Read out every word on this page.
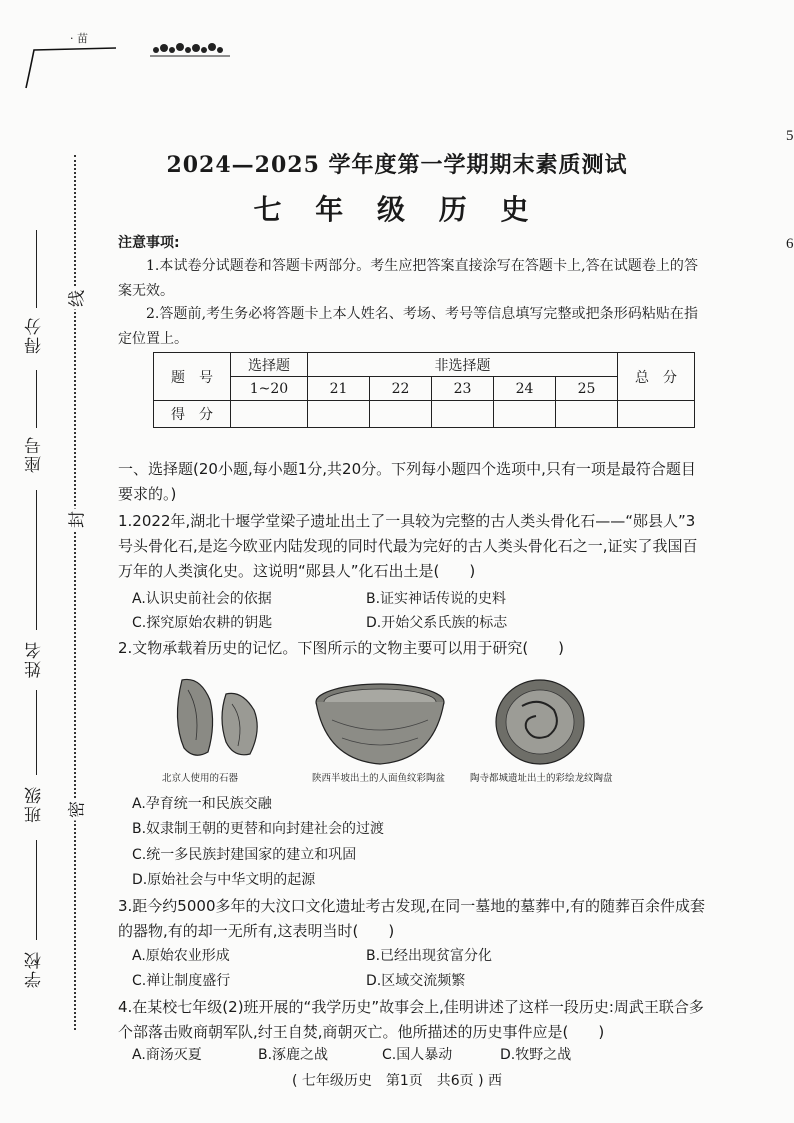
· 苗
5
6
学校
班级
姓名
座号
得分
线
封
密
2024—2025 学年度第一学期期末素质测试
七 年 级 历 史
注意事项:
1.本试卷分试题卷和答题卡两部分。考生应把答案直接涂写在答题卡上,答在试题卷上的答案无效。
2.答题前,考生务必将答题卡上本人姓名、考场、考号等信息填写完整或把条形码粘贴在指定位置上。
题　号	选择题	非选择题					总　分
	1~20	21	22	23	24	25	
得　分							
一、选择题(20小题,每小题1分,共20分。下列每小题四个选项中,只有一项是最符合题目要求的。)
1.2022年,湖北十堰学堂梁子遗址出土了一具较为完整的古人类头骨化石——“郧县人”3号头骨化石,是迄今欧亚内陆发现的同时代最为完好的古人类头骨化石之一,证实了我国百万年的人类演化史。这说明“郧县人”化石出土是(　　)
A.认识史前社会的依据	B.证实神话传说的史料
C.探究原始农耕的钥匙	D.开始父系氏族的标志
2.文物承载着历史的记忆。下图所示的文物主要可以用于研究(　　)
北京人使用的石器	陕西半坡出土的人面鱼纹彩陶盆	陶寺都城遗址出土的彩绘龙纹陶盘
A.孕育统一和民族交融
B.奴隶制王朝的更替和向封建社会的过渡
C.统一多民族封建国家的建立和巩固
D.原始社会与中华文明的起源
3.距今约5000多年的大汶口文化遗址考古发现,在同一墓地的墓葬中,有的随葬百余件成套的器物,有的却一无所有,这表明当时(　　)
A.原始农业形成	B.已经出现贫富分化
C.禅让制度盛行	D.区域交流频繁
4.在某校七年级(2)班开展的“我学历史”故事会上,佳明讲述了这样一段历史:周武王联合多个部落击败商朝军队,纣王自焚,商朝灭亡。他所描述的历史事件应是(　　)
A.商汤灭夏	B.涿鹿之战	C.国人暴动	D.牧野之战
( 七年级历史　第1页　共6页 ) 西
